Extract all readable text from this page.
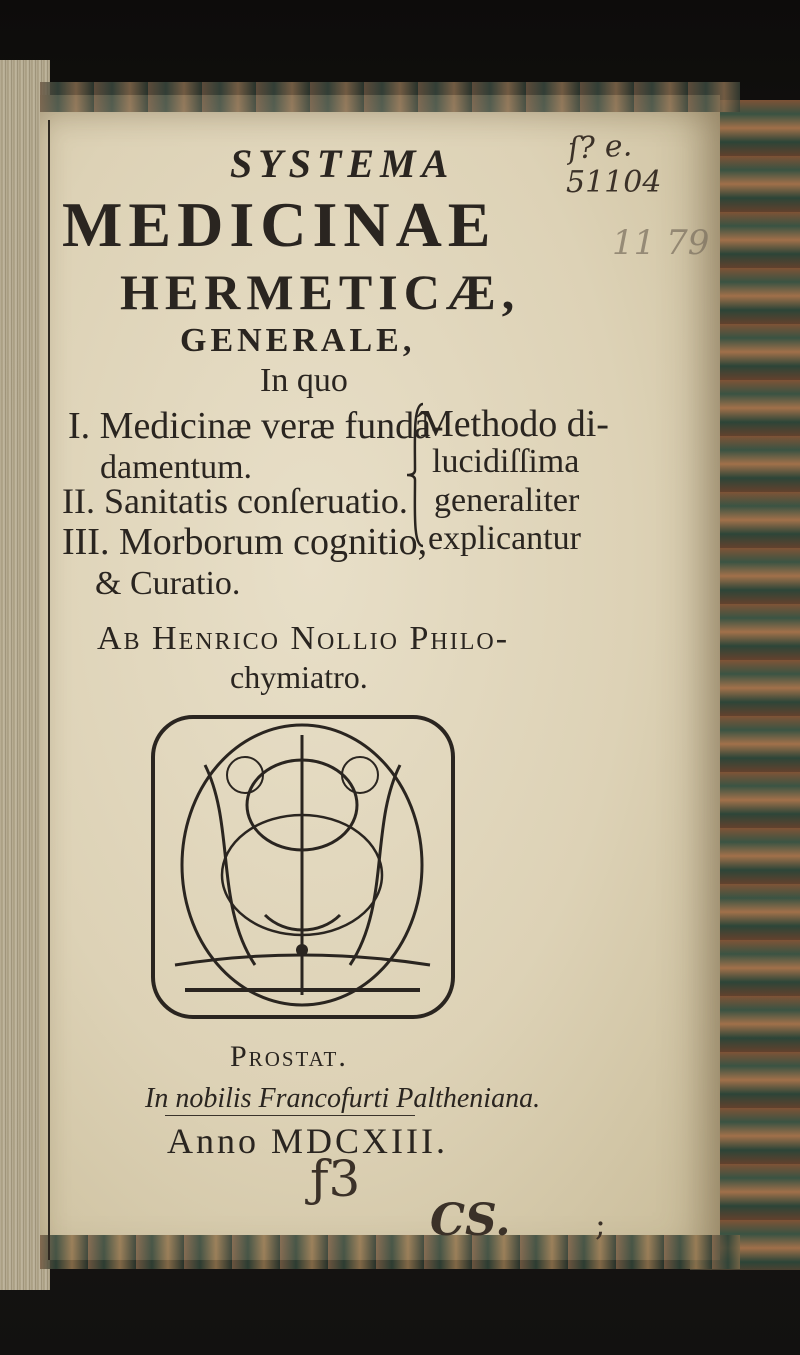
SYSTEMA
MEDICINAE
HERMETICÆ,
GENERALE,
In quo
I. Medicinæ veræ fundâ-
damentum.
II. Sanitatis conſeruatio.
III. Morborum cognitio,
& Curatio.
Methodo di-
lucidiſſima
generaliter
explicantur
Ab Henrico Nollio Philo-
chymiatro.
Prostat.
In nobilis Francofurti Paltheniana.
Anno MDCXIII.
ſ? e.
51104
11 79
ƒ3
CS.	;
